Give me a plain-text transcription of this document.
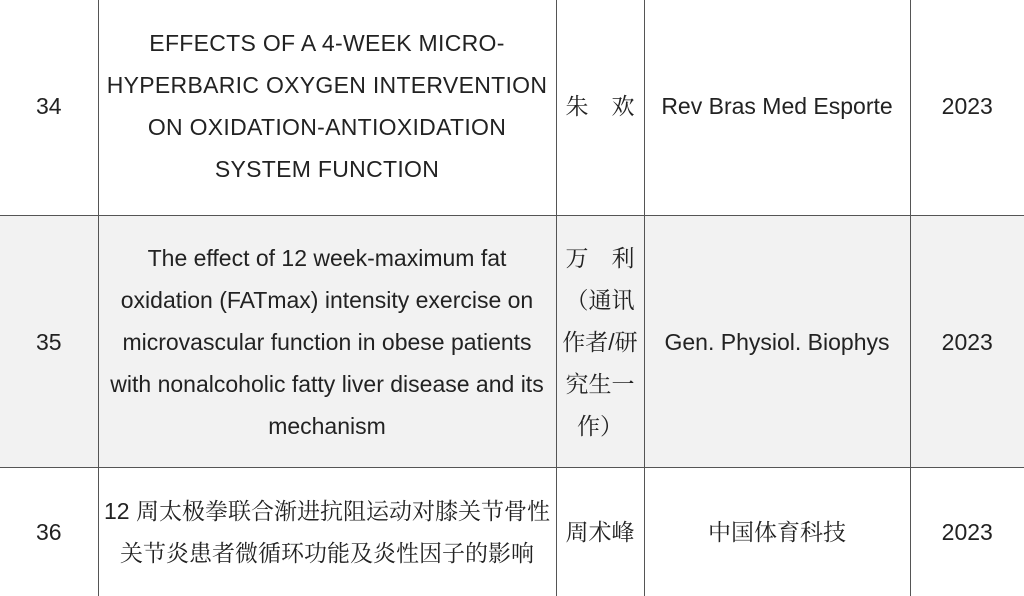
34	EFFECTS OF A 4-WEEK MICRO-HYPERBARIC OXYGEN INTERVENTION ON OXIDATION-ANTIOXIDATION SYSTEM FUNCTION	朱　欢	Rev Bras Med Esporte	2023
35	The effect of 12 week-maximum fat oxidation (FATmax) intensity exercise on microvascular function in obese patients with nonalcoholic fatty liver disease and its mechanism	万　利（通讯作者/研究生一作）	Gen. Physiol. Biophys	2023
36	12 周太极拳联合渐进抗阻运动对膝关节骨性关节炎患者微循环功能及炎性因子的影响	周术峰	中国体育科技	2023
